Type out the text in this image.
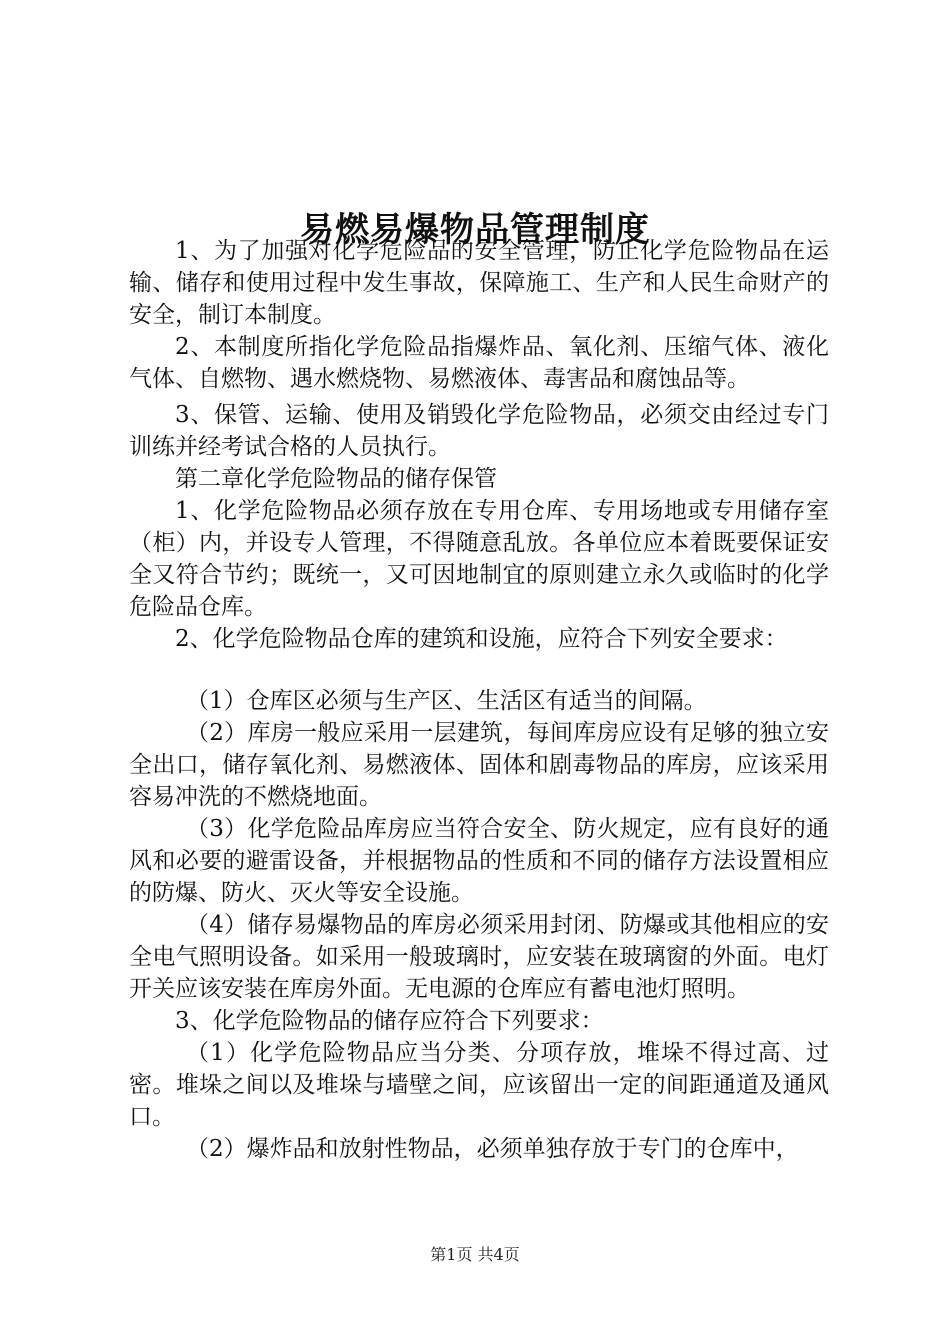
易燃易爆物品管理制度

1、为了加强对化学危险品的安全管理，防止化学危险物品在运输、储存和使用过程中发生事故，保障施工、生产和人民生命财产的安全，制订本制度。

2、本制度所指化学危险品指爆炸品、氧化剂、压缩气体、液化气体、自燃物、遇水燃烧物、易燃液体、毒害品和腐蚀品等。

3、保管、运输、使用及销毁化学危险物品，必须交由经过专门训练并经考试合格的人员执行。

第二章化学危险物品的储存保管

1、化学危险物品必须存放在专用仓库、专用场地或专用储存室（柜）内，并设专人管理，不得随意乱放。各单位应本着既要保证安全又符合节约；既统一，又可因地制宜的原则建立永久或临时的化学危险品仓库。

2、化学危险物品仓库的建筑和设施，应符合下列安全要求：

（1）仓库区必须与生产区、生活区有适当的间隔。

（2）库房一般应采用一层建筑，每间库房应设有足够的独立安全出口，储存氧化剂、易燃液体、固体和剧毒物品的库房，应该采用容易冲洗的不燃烧地面。

（3）化学危险品库房应当符合安全、防火规定，应有良好的通风和必要的避雷设备，并根据物品的性质和不同的储存方法设置相应的防爆、防火、灭火等安全设施。

（4）储存易爆物品的库房必须采用封闭、防爆或其他相应的安全电气照明设备。如采用一般玻璃时，应安装在玻璃窗的外面。电灯开关应该安装在库房外面。无电源的仓库应有蓄电池灯照明。

3、化学危险物品的储存应符合下列要求：

（1）化学危险物品应当分类、分项存放，堆垛不得过高、过密。堆垛之间以及堆垛与墙壁之间，应该留出一定的间距通道及通风口。

（2）爆炸品和放射性物品，必须单独存放于专门的仓库中，

第1页 共4页
